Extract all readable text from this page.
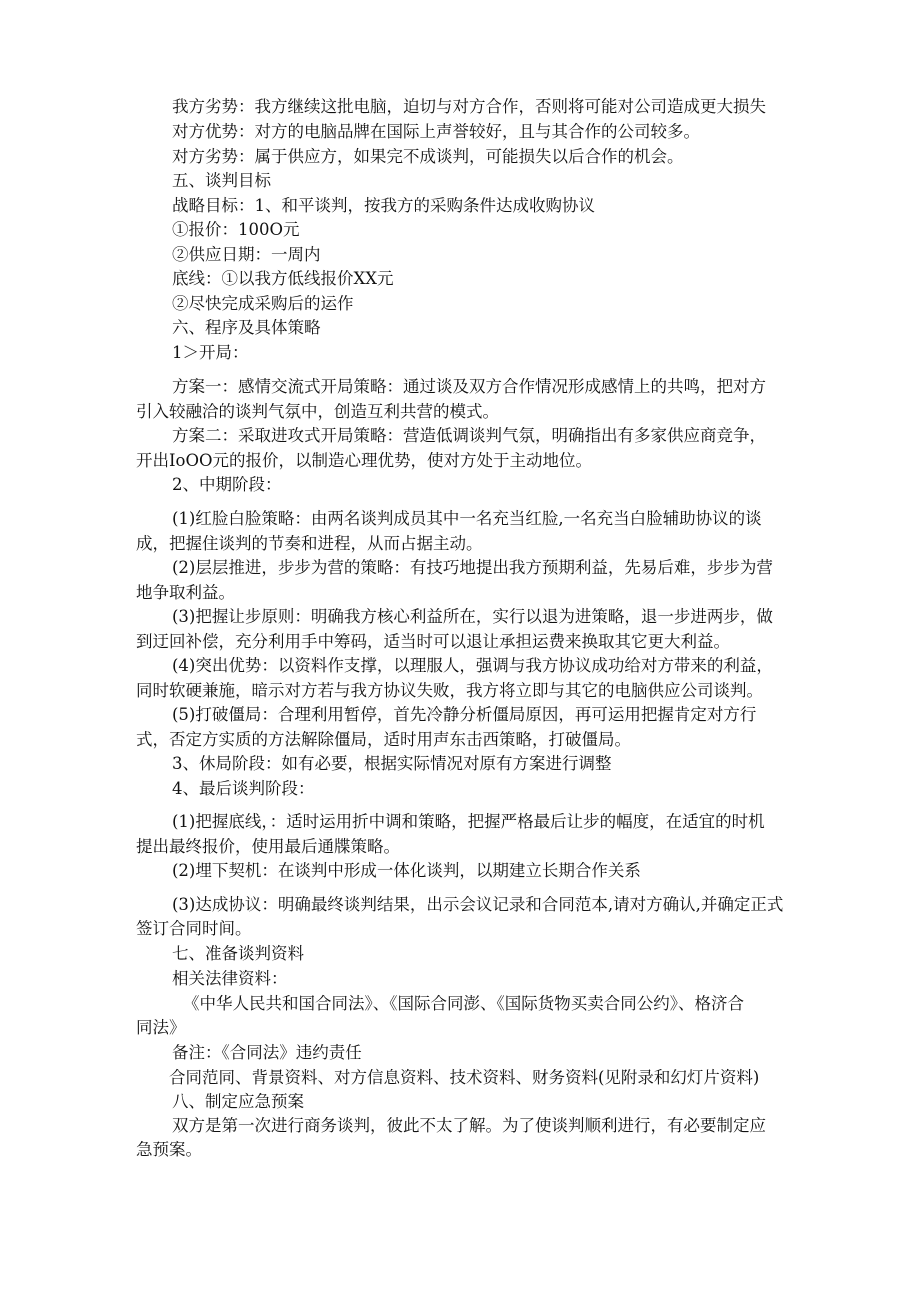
我方劣势：我方继续这批电脑，迫切与对方合作，否则将可能对公司造成更大损失
对方优势：对方的电脑品牌在国际上声誉较好，且与其合作的公司较多。
对方劣势：属于供应方，如果完不成谈判，可能损失以后合作的机会。
五、谈判目标
战略目标：1、和平谈判，按我方的采购条件达成收购协议
①报价：100O元
②供应日期：一周内
底线：①以我方低线报价XX元
②尽快完成采购后的运作
六、程序及具体策略
1＞开局：
方案一：感情交流式开局策略：通过谈及双方合作情况形成感情上的共鸣，把对方
引入较融洽的谈判气氛中，创造互利共营的模式。
方案二：采取进攻式开局策略：营造低调谈判气氛，明确指出有多家供应商竞争，
开出IoOO元的报价，以制造心理优势，使对方处于主动地位。
2、中期阶段：
(1)红脸白脸策略：由两名谈判成员其中一名充当红脸,一名充当白脸辅助协议的谈
成，把握住谈判的节奏和进程，从而占据主动。
(2)层层推进，步步为营的策略：有技巧地提出我方预期利益，先易后难，步步为营
地争取利益。
(3)把握让步原则：明确我方核心利益所在，实行以退为进策略，退一步进两步，做
到迂回补偿，充分利用手中筹码，适当时可以退让承担运费来换取其它更大利益。
(4)突出优势：以资料作支撑，以理服人，强调与我方协议成功给对方带来的利益，
同时软硬兼施，暗示对方若与我方协议失败，我方将立即与其它的电脑供应公司谈判。
(5)打破僵局：合理利用暂停，首先冷静分析僵局原因，再可运用把握肯定对方行
式，否定方实质的方法解除僵局，适时用声东击西策略，打破僵局。
3、休局阶段：如有必要，根据实际情况对原有方案进行调整
4、最后谈判阶段：
(1)把握底线，：适时运用折中调和策略，把握严格最后让步的幅度，在适宜的时机
提出最终报价，使用最后通牒策略。
(2)埋下契机：在谈判中形成一体化谈判，以期建立长期合作关系
(3)达成协议：明确最终谈判结果，出示会议记录和合同范本,请对方确认,并确定正式
签订合同时间。
七、准备谈判资料
相关法律资料：
《中华人民共和国合同法》、《国际合同澎、《国际货物买卖合同公约》、格济合
同法》
备注：《合同法》违约责任
合同范同、背景资料、对方信息资料、技术资料、财务资料(见附录和幻灯片资料)
八、制定应急预案
双方是第一次进行商务谈判，彼此不太了解。为了使谈判顺利进行，有必要制定应
急预案。
